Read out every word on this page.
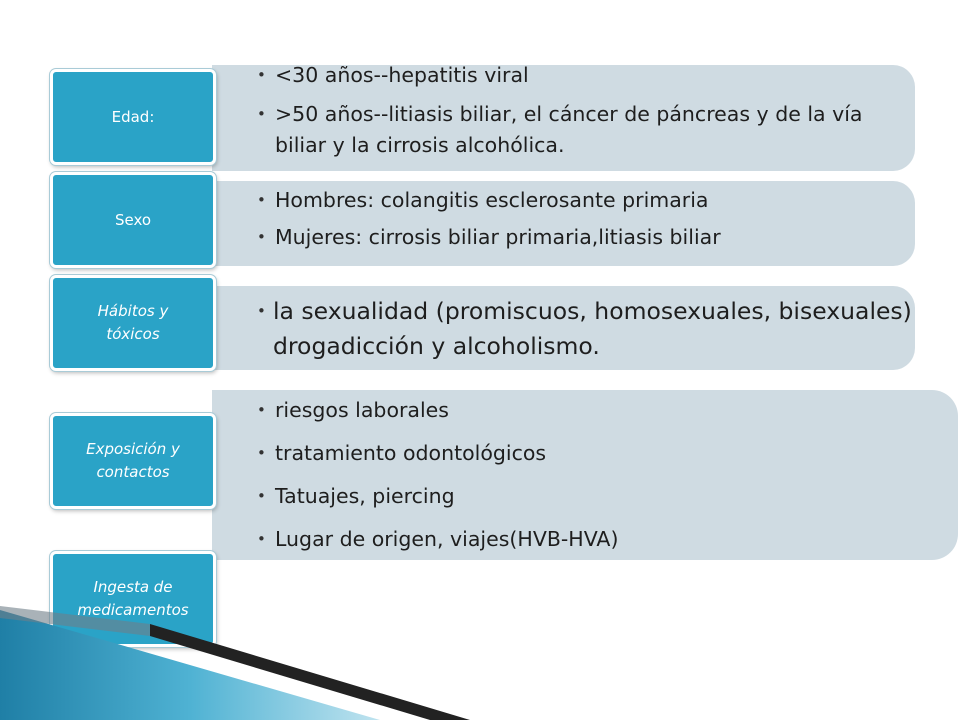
• <30 años--hepatitis viral
• >50 años--litiasis biliar, el cáncer de páncreas y de la vía biliar y la cirrosis alcohólica.
• Hombres: colangitis esclerosante primaria
• Mujeres: cirrosis biliar primaria,litiasis biliar
• la sexualidad (promiscuos, homosexuales, bisexuales) drogadicción y alcoholismo.
• riesgos laborales
• tratamiento odontológicos
• Tatuajes, piercing
• Lugar de origen, viajes(HVB-HVA)
Edad:
Sexo
Hábitos y tóxicos
Exposición y contactos
Ingesta de medicamentos
